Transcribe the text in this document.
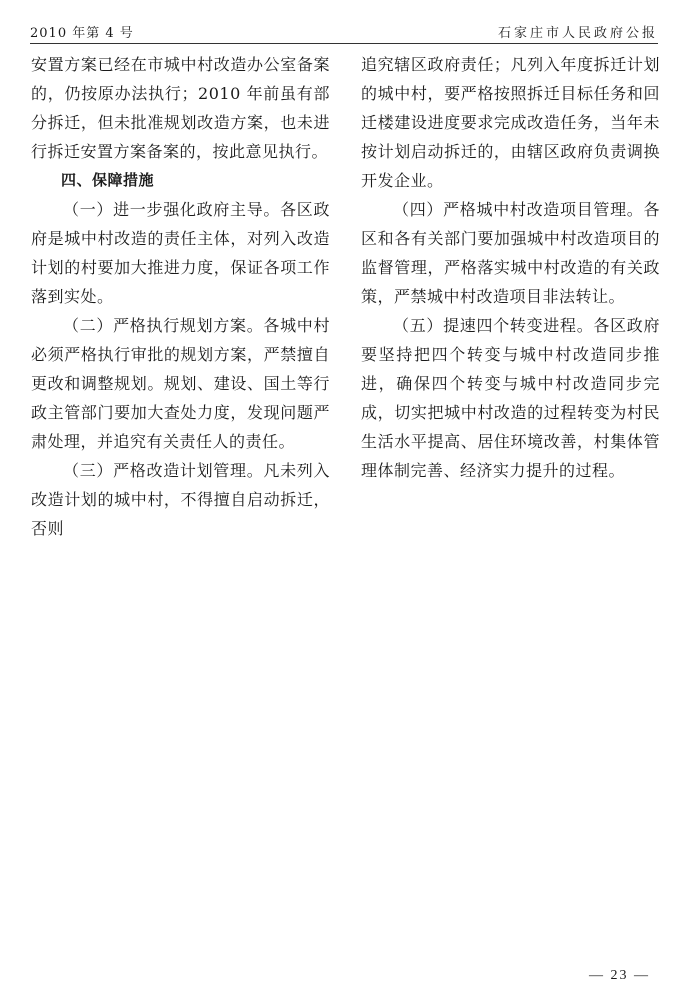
2010 年第 4 号	石家庄市人民政府公报

安置方案已经在市城中村改造办公室备案的，仍按原办法执行；2010 年前虽有部分拆迁，但未批准规划改造方案，也未进行拆迁安置方案备案的，按此意见执行。

四、保障措施

（一）进一步强化政府主导。各区政府是城中村改造的责任主体，对列入改造计划的村要加大推进力度，保证各项工作落到实处。

（二）严格执行规划方案。各城中村必须严格执行审批的规划方案，严禁擅自更改和调整规划。规划、建设、国土等行政主管部门要加大查处力度，发现问题严肃处理，并追究有关责任人的责任。

（三）严格改造计划管理。凡未列入改造计划的城中村，不得擅自启动拆迁，否则

追究辖区政府责任；凡列入年度拆迁计划的城中村，要严格按照拆迁目标任务和回迁楼建设进度要求完成改造任务，当年未按计划启动拆迁的，由辖区政府负责调换开发企业。

（四）严格城中村改造项目管理。各区和各有关部门要加强城中村改造项目的监督管理，严格落实城中村改造的有关政策，严禁城中村改造项目非法转让。

（五）提速四个转变进程。各区政府要坚持把四个转变与城中村改造同步推进，确保四个转变与城中村改造同步完成，切实把城中村改造的过程转变为村民生活水平提高、居住环境改善，村集体管理体制完善、经济实力提升的过程。

— 23 —
